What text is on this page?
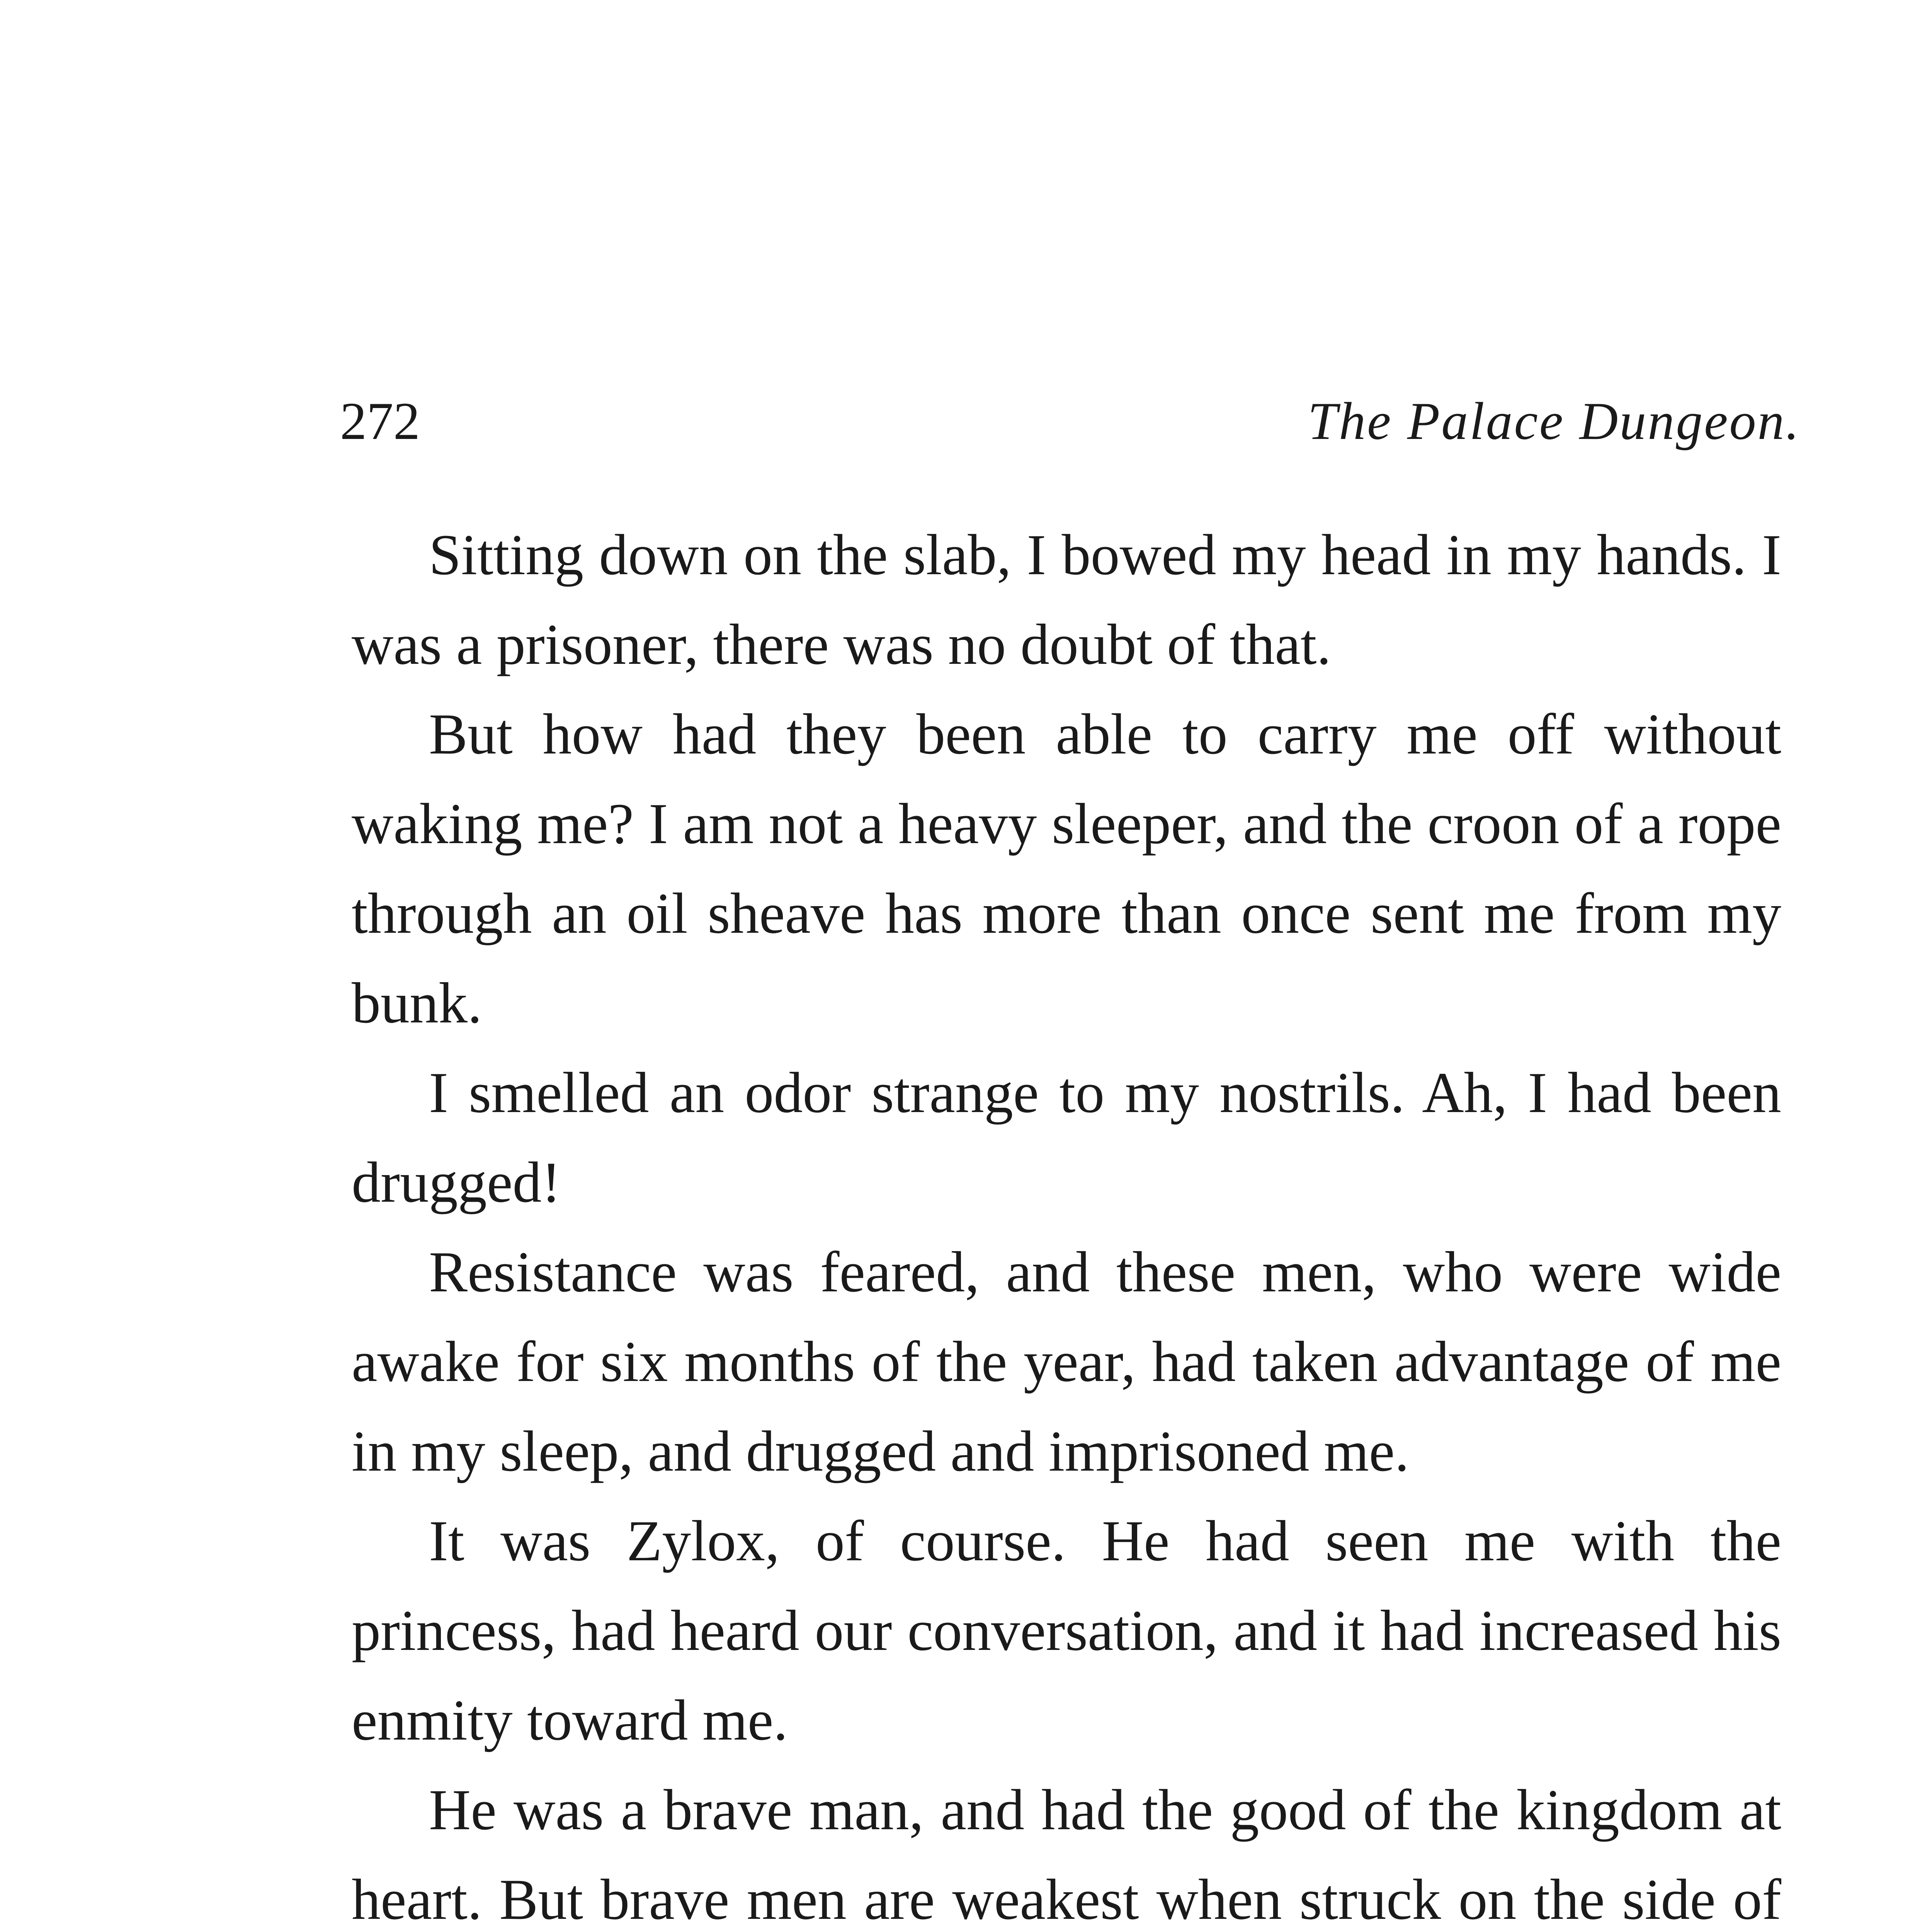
272	The Palace Dungeon.

Sitting down on the slab, I bowed my head in my hands. I was a prisoner, there was no doubt of that.

But how had they been able to carry me off without waking me? I am not a heavy sleeper, and the croon of a rope through an oil sheave has more than once sent me from my bunk.

I smelled an odor strange to my nostrils. Ah, I had been drugged!

Resistance was feared, and these men, who were wide awake for six months of the year, had taken advantage of me in my sleep, and drugged and imprisoned me.

It was Zylox, of course. He had seen me with the princess, had heard our conversation, and it had increased his enmity toward me.

He was a brave man, and had the good of the kingdom at heart. But brave men are weakest when struck on the side of
